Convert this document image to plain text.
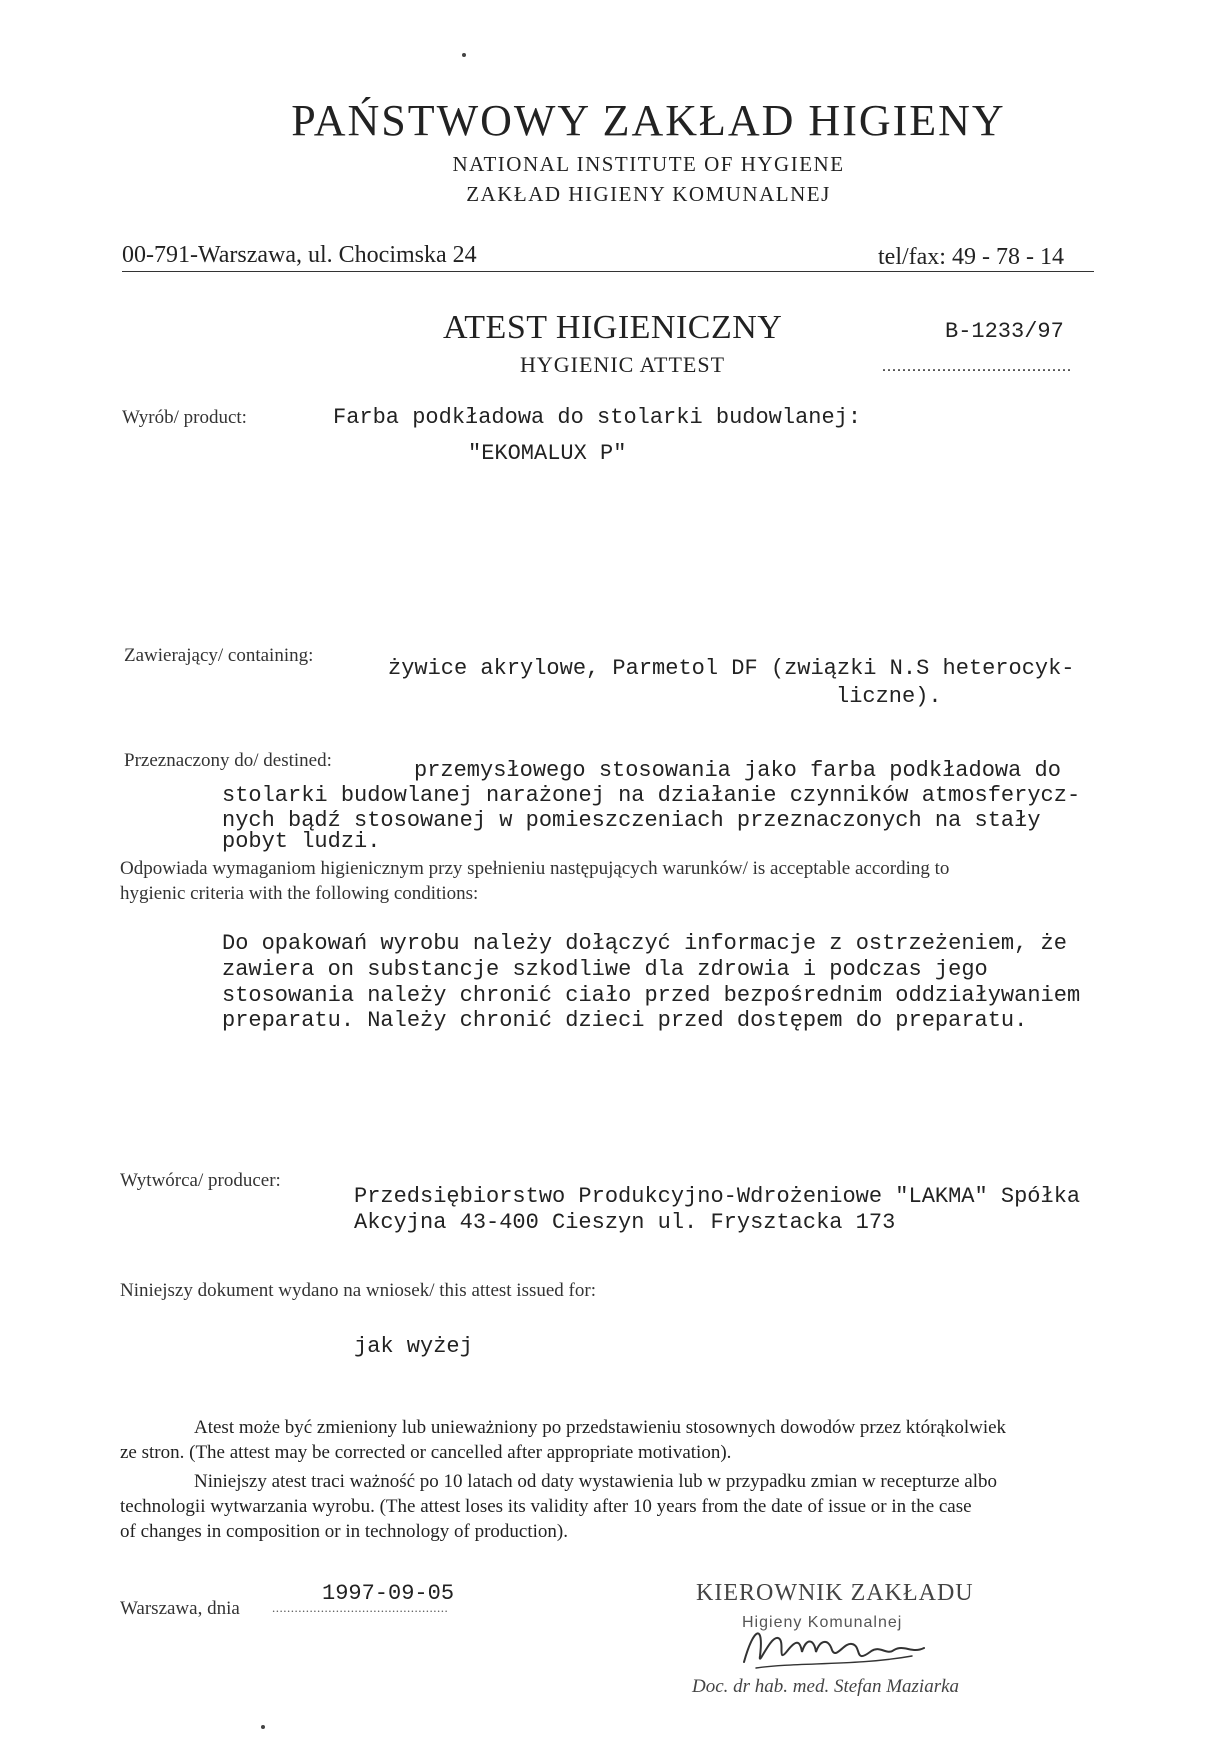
PAŃSTWOWY ZAKŁAD HIGIENY
NATIONAL INSTITUTE OF HYGIENE
ZAKŁAD HIGIENY KOMUNALNEJ
00-791-Warszawa, ul. Chocimska 24	tel/fax: 49 - 78 - 14
ATEST HIGIENICZNY	B-1233/97
HYGIENIC ATTEST	......................................
Wyrób/ product:	Farba podkładowa do stolarki budowlanej:
"EKOMALUX P"
Zawierający/ containing:
żywice akrylowe, Parmetol DF (związki N.S heterocyk-
liczne).
Przeznaczony do/ destined:	przemysłowego stosowania jako farba podkładowa do
stolarki budowlanej narażonej na działanie czynników atmosferycz-
nych bądź stosowanej w pomieszczeniach przeznaczonych na stały
pobyt ludzi.
Odpowiada wymaganiom higienicznym przy spełnieniu następujących warunków/ is acceptable according to
hygienic criteria with the following conditions:
Do opakowań wyrobu należy dołączyć informacje z ostrzeżeniem, że
zawiera on substancje szkodliwe dla zdrowia i podczas jego
stosowania należy chronić ciało przed bezpośrednim oddziaływaniem
preparatu. Należy chronić dzieci przed dostępem do preparatu.
Wytwórca/ producer:
Przedsiębiorstwo Produkcyjno-Wdrożeniowe "LAKMA" Spółka
Akcyjna 43-400 Cieszyn ul. Frysztacka 173
Niniejszy dokument wydano na wniosek/ this attest issued for:
jak wyżej
Atest może być zmieniony lub unieważniony po przedstawieniu stosownych dowodów przez którąkolwiek
ze stron. (The attest may be corrected or cancelled after appropriate motivation).
Niniejszy atest traci ważność po 10 latach od daty wystawienia lub w przypadku zmian w recepturze albo
technologii wytwarzania wyrobu. (The attest loses its validity after 10 years from the date of issue or in the case
of changes in composition or in technology of production).
Warszawa, dnia ...............................................
1997-09-05	KIEROWNIK ZAKŁADU
Higieny Komunalnej
Doc. dr hab. med. Stefan Maziarka
